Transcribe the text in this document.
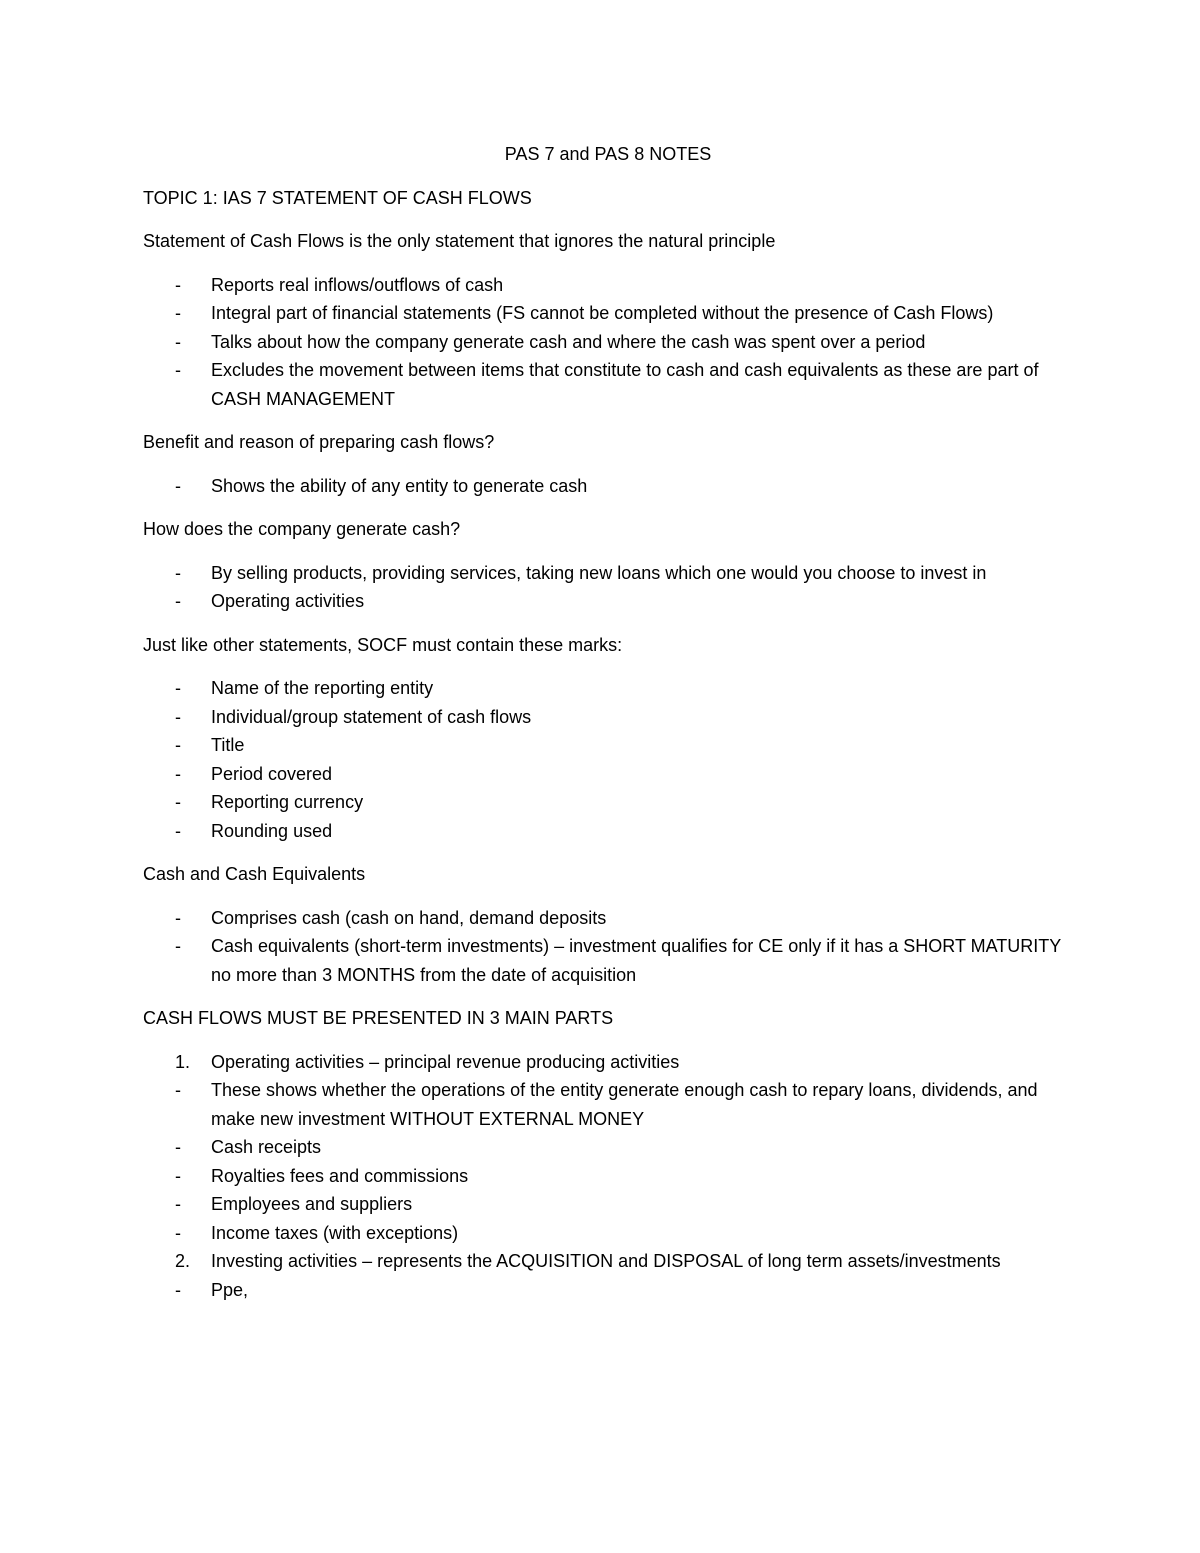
PAS 7 and PAS 8 NOTES

TOPIC 1: IAS 7 STATEMENT OF CASH FLOWS

Statement of Cash Flows is the only statement that ignores the natural principle

-	Reports real inflows/outflows of cash
-	Integral part of financial statements (FS cannot be completed without the presence of Cash Flows)
-	Talks about how the company generate cash and where the cash was spent over a period
-	Excludes the movement between items that constitute to cash and cash equivalents as these are part of CASH MANAGEMENT

Benefit and reason of preparing cash flows?

-	Shows the ability of any entity to generate cash

How does the company generate cash?

-	By selling products, providing services, taking new loans which one would you choose to invest in
-	Operating activities

Just like other statements, SOCF must contain these marks:

-	Name of the reporting entity
-	Individual/group statement of cash flows
-	Title
-	Period covered
-	Reporting currency
-	Rounding used

Cash and Cash Equivalents

-	Comprises cash (cash on hand, demand deposits
-	Cash equivalents (short-term investments) – investment qualifies for CE only if it has a SHORT MATURITY no more than 3 MONTHS from the date of acquisition

CASH FLOWS MUST BE PRESENTED IN 3 MAIN PARTS

1.	Operating activities – principal revenue producing activities
-	These shows whether the operations of the entity generate enough cash to repary loans, dividends, and make new investment WITHOUT EXTERNAL MONEY
-	Cash receipts
-	Royalties fees and commissions
-	Employees and suppliers
-	Income taxes (with exceptions)
2.	Investing activities – represents the ACQUISITION and DISPOSAL of long term assets/investments
-	Ppe,
